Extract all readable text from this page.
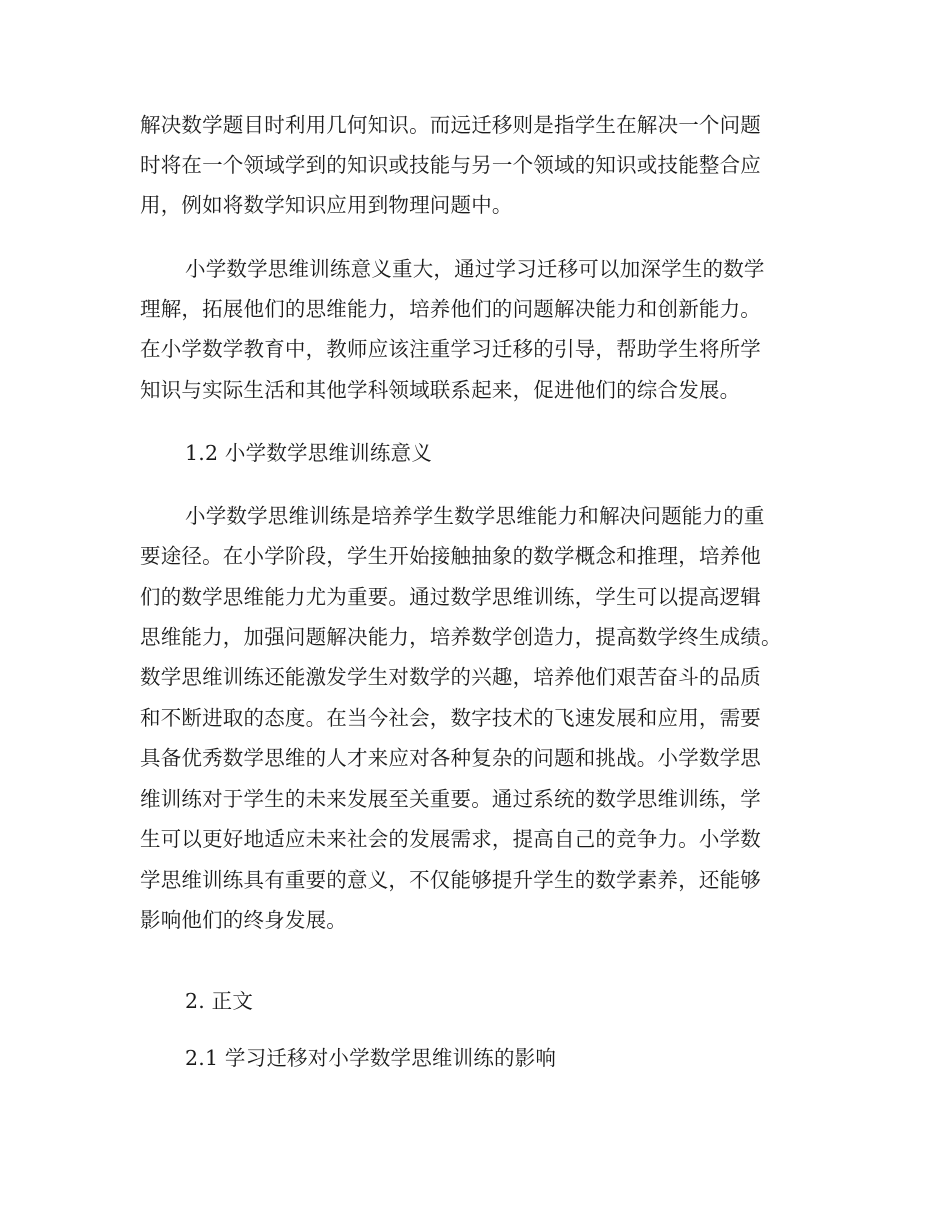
解决数学题目时利用几何知识。而远迁移则是指学生在解决一个问题
时将在一个领域学到的知识或技能与另一个领域的知识或技能整合应
用，例如将数学知识应用到物理问题中。
小学数学思维训练意义重大，通过学习迁移可以加深学生的数学
理解，拓展他们的思维能力，培养他们的问题解决能力和创新能力。
在小学数学教育中，教师应该注重学习迁移的引导，帮助学生将所学
知识与实际生活和其他学科领域联系起来，促进他们的综合发展。
1.2 小学数学思维训练意义
小学数学思维训练是培养学生数学思维能力和解决问题能力的重
要途径。在小学阶段，学生开始接触抽象的数学概念和推理，培养他
们的数学思维能力尤为重要。通过数学思维训练，学生可以提高逻辑
思维能力，加强问题解决能力，培养数学创造力，提高数学终生成绩。
数学思维训练还能激发学生对数学的兴趣，培养他们艰苦奋斗的品质
和不断进取的态度。在当今社会，数字技术的飞速发展和应用，需要
具备优秀数学思维的人才来应对各种复杂的问题和挑战。小学数学思
维训练对于学生的未来发展至关重要。通过系统的数学思维训练，学
生可以更好地适应未来社会的发展需求，提高自己的竞争力。小学数
学思维训练具有重要的意义，不仅能够提升学生的数学素养，还能够
影响他们的终身发展。
2. 正文
2.1 学习迁移对小学数学思维训练的影响
